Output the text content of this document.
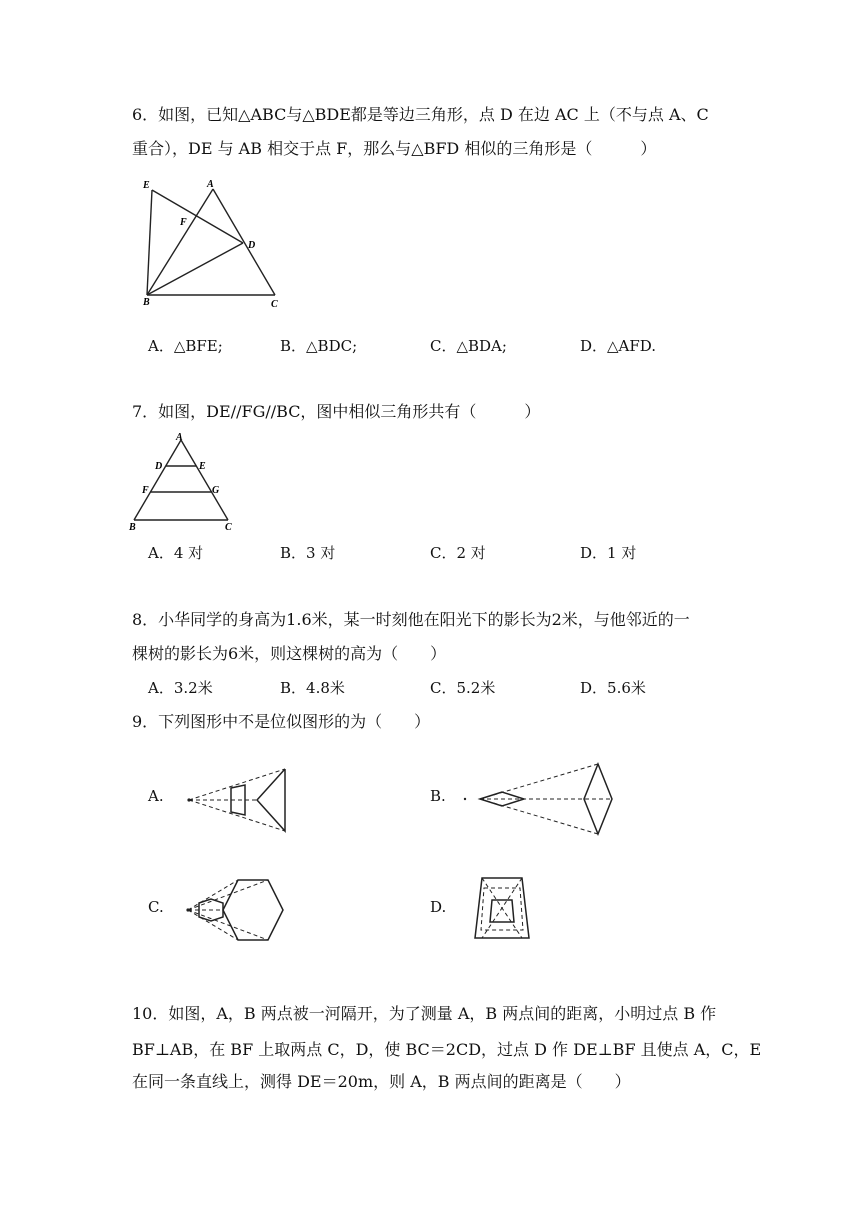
6．如图，已知△ABC与△BDE都是等边三角形，点 D 在边 AC 上（不与点 A、C
重合），DE 与 AB 相交于点 F，那么与△BFD 相似的三角形是（　　　）
E	A
F
D
B	C
A．△BFE;	B．△BDC;	C．△BDA;	D．△AFD.
7．如图，DE//FG//BC，图中相似三角形共有（　　　）
A
D	E
F	G
B	C
A．4 对	B．3 对	C．2 对	D．1 对
8．小华同学的身高为1.6米，某一时刻他在阳光下的影长为2米，与他邻近的一
棵树的影长为6米，则这棵树的高为（　　）
A．3.2米	B．4.8米	C．5.2米	D．5.6米
9．下列图形中不是位似图形的为（　　）
A.	B.
C.	D.
10．如图，A，B 两点被一河隔开，为了测量 A，B 两点间的距离，小明过点 B 作
BF⊥AB，在 BF 上取两点 C，D，使 BC＝2CD，过点 D 作 DE⊥BF 且使点 A，C，E
在同一条直线上，测得 DE＝20m，则 A，B 两点间的距离是（　　）
